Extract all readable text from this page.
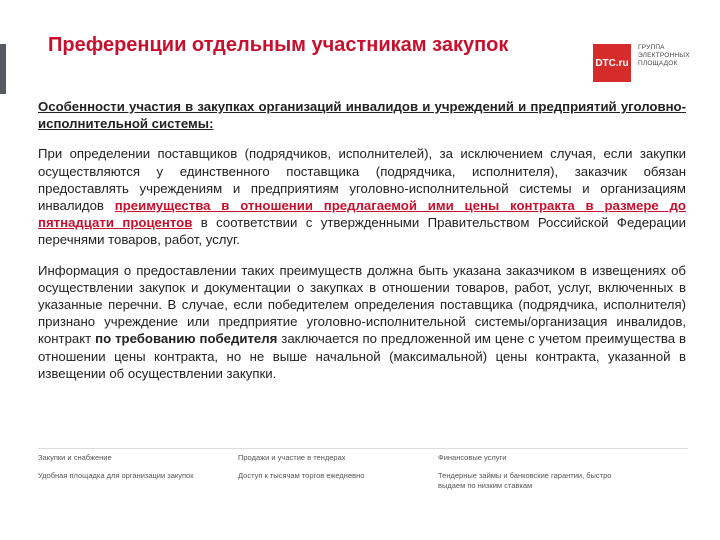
Преференции отдельным участникам закупок
DTC.ru
ГРУППА ЭЛЕКТРОННЫХ ПЛОЩАДОК

Особенности участия в закупках организаций инвалидов и учреждений и предприятий уголовно- исполнительной системы:

При определении поставщиков (подрядчиков, исполнителей), за исключением случая, если закупки осуществляются у единственного поставщика (подрядчика, исполнителя), заказчик обязан предоставлять учреждениям и предприятиям уголовно-исполнительной системы и организациям инвалидов преимущества в отношении предлагаемой ими цены контракта в размере до пятнадцати процентов в соответствии с утвержденными Правительством Российской Федерации перечнями товаров, работ, услуг.

Информация о предоставлении таких преимуществ должна быть указана заказчиком в извещениях об осуществлении закупок и документации о закупках в отношении товаров, работ, услуг, включенных в указанные перечни. В случае, если победителем определения поставщика (подрядчика, исполнителя) признано учреждение или предприятие уголовно-исполнительной системы/организация инвалидов, контракт по требованию победителя заключается по предложенной им цене с учетом преимущества в отношении цены контракта, но не выше начальной (максимальной) цены контракта, указанной в извещении об осуществлении закупки.

Закупки и снабжение
Удобная площадка для организации закупок
Продажи и участие в тендерах
Доступ к тысячам торгов ежедневно
Финансовые услуги
Тендерные займы и банковские гарантии, быстро выдаем по низким ставкам
